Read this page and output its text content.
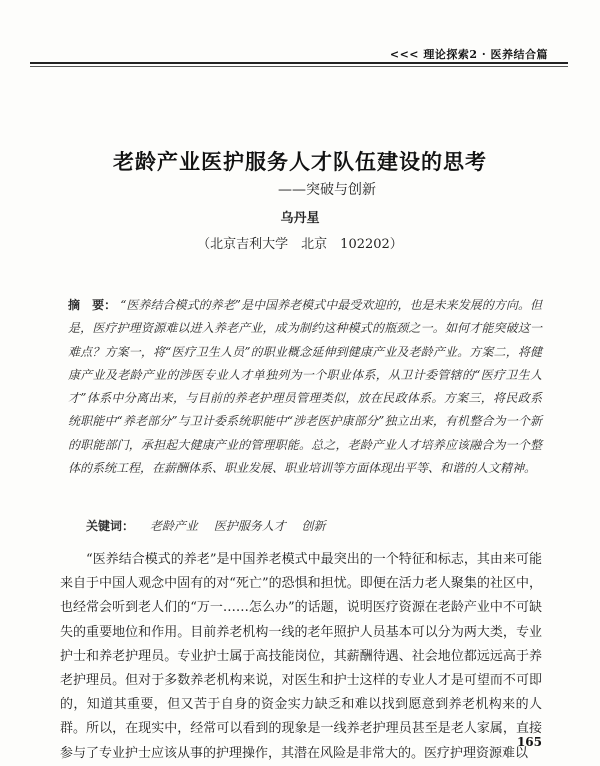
<<< 理论探索2 · 医养结合篇
老龄产业医护服务人才队伍建设的思考
——突破与创新
乌丹星
（北京吉利大学　北京　102202）

摘　要： “医养结合模式的养老”是中国养老模式中最受欢迎的，也是未来发展的方向。但是，医疗护理资源难以进入养老产业，成为制约这种模式的瓶颈之一。如何才能突破这一难点？方案一，将“医疗卫生人员”的职业概念延伸到健康产业及老龄产业。方案二，将健康产业及老龄产业的涉医专业人才单独列为一个职业体系，从卫计委管辖的“医疗卫生人才”体系中分离出来，与目前的养老护理员管理类似，放在民政体系。方案三，将民政系统职能中“养老部分”与卫计委系统职能中“涉老医护康部分”独立出来，有机整合为一个新的职能部门，承担起大健康产业的管理职能。总之，老龄产业人才培养应该融合为一个整体的系统工程，在薪酬体系、职业发展、职业培训等方面体现出平等、和谐的人文精神。

关键词： 老龄产业 医护服务人才 创新

“医养结合模式的养老”是中国养老模式中最突出的一个特征和标志，其由来可能来自于中国人观念中固有的对“死亡”的恐惧和担忧。即便在活力老人聚集的社区中，也经常会听到老人们的“万一……怎么办”的话题，说明医疗资源在老龄产业中不可缺失的重要地位和作用。目前养老机构一线的老年照护人员基本可以分为两大类，专业护士和养老护理员。专业护士属于高技能岗位，其薪酬待遇、社会地位都远远高于养老护理员。但对于多数养老机构来说，对医生和护士这样的专业人才是可望而不可即的，知道其重要，但又苦于自身的资金实力缺乏和难以找到愿意到养老机构来的人群。所以，在现实中，经常可以看到的现象是一线养老护理员甚至是老人家属，直接参与了专业护士应该从事的护理操作，其潜在风险是非常大的。医疗护理资源难以

165
